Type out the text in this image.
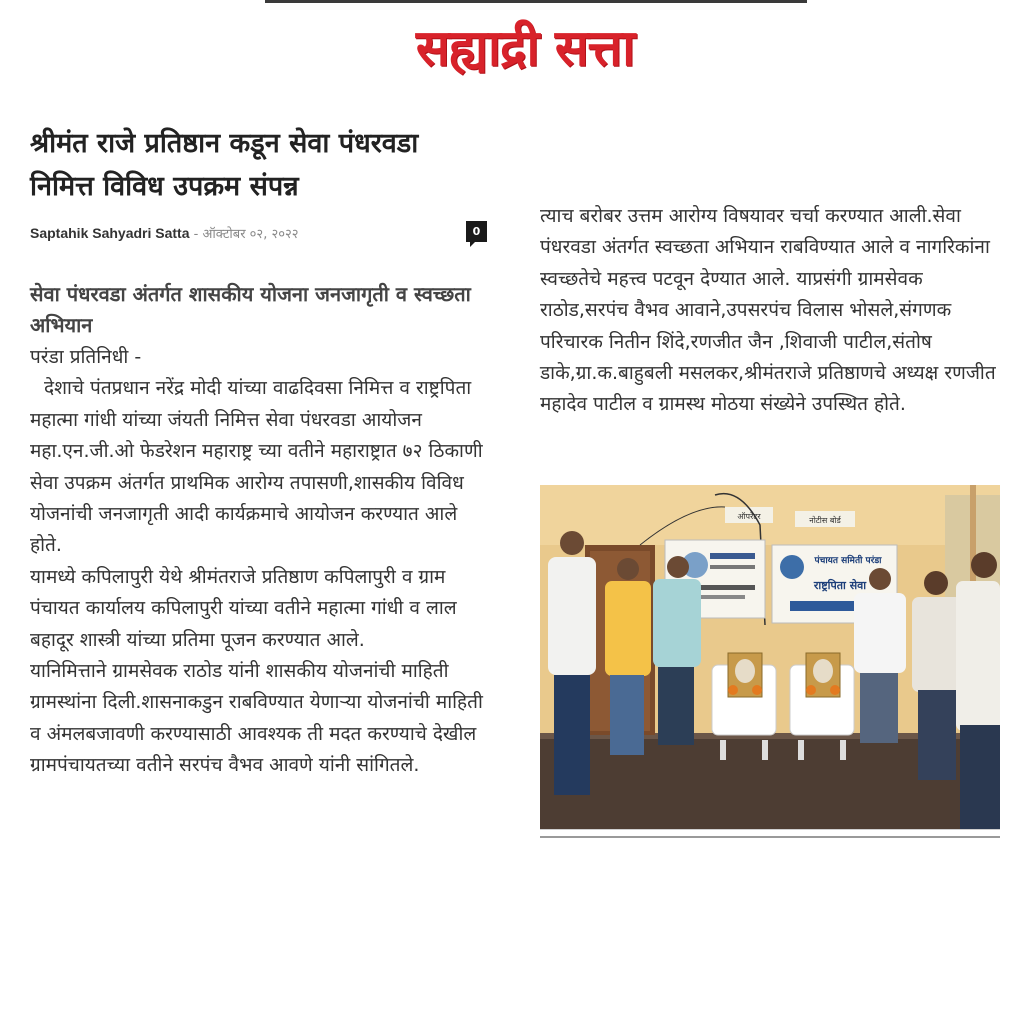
सह्याद्री सत्ता
श्रीमंत राजे प्रतिष्ठान कडून सेवा पंधरवडा निमित्त विविध उपक्रम संपन्न
Saptahik Sahyadri Satta - ऑक्टोबर ०२, २०२२	0
सेवा पंधरवडा अंतर्गत शासकीय योजना जनजागृती व स्वच्छता अभियान

परंडा प्रतिनिधी -

देशाचे पंतप्रधान नरेंद्र मोदी यांच्या वाढदिवसा निमित्त व राष्ट्रपिता महात्मा गांधी यांच्या जंयती निमित्त सेवा पंधरवडा आयोजन महा.एन.जी.ओ फेडरेशन महाराष्ट्र च्या वतीने महाराष्ट्रात ७२ ठिकाणी सेवा उपक्रम अंतर्गत प्राथमिक आरोग्य तपासणी,शासकीय विविध योजनांची जनजागृती आदी कार्यक्रमाचे आयोजन करण्यात आले होते.

यामध्ये कपिलापुरी येथे श्रीमंतराजे प्रतिष्ठाण कपिलापुरी व ग्राम पंचायत कार्यालय कपिलापुरी यांच्या वतीने महात्मा गांधी व लाल बहादूर शास्त्री यांच्या प्रतिमा पूजन करण्यात आले.

यानिमित्ताने ग्रामसेवक राठोड यांनी शासकीय योजनांची माहिती ग्रामस्थांना दिली.शासनाकडुन राबविण्यात येणाऱ्या योजनांची माहिती व अंमलबजावणी करण्यासाठी आवश्यक ती मदत करण्याचे देखील ग्रामपंचायतच्या वतीने सरपंच वैभव आवणे यांनी सांगितले.

त्याच बरोबर उत्तम आरोग्य विषयावर चर्चा करण्यात आली.सेवा पंधरवडा अंतर्गत स्वच्छता अभियान राबविण्यात आले व नागरिकांना स्वच्छतेचे महत्त्व पटवून देण्यात आले. याप्रसंगी ग्रामसेवक राठोड,सरपंच वैभव आवाने,उपसरपंच विलास भोसले,संगणक परिचारक नितीन शिंदे,रणजीत जैन ,शिवाजी पाटील,संतोष डाके,ग्रा.क.बाहुबली मसलकर,श्रीमंतराजे प्रतिष्ठाणचे अध्यक्ष रणजीत महादेव पाटील व ग्रामस्थ मोठया संख्येने उपस्थित होते.

ऑपरेटर	नोटीस बोर्ड
पंचायत समिती परंडा
राष्ट्रपिता सेवा
